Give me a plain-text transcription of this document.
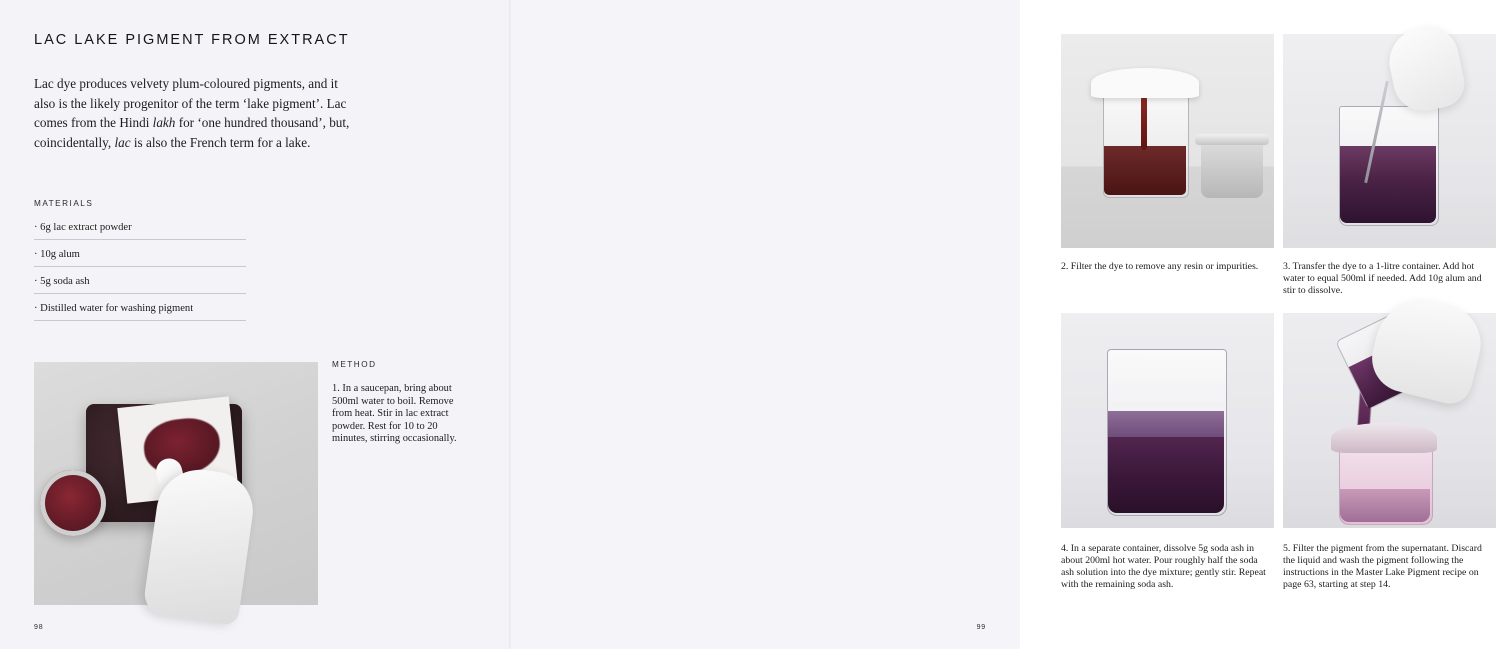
LAC LAKE PIGMENT FROM EXTRACT
Lac dye produces velvety plum-coloured pigments, and it also is the likely progenitor of the term ‘lake pigment’. Lac comes from the Hindi lakh for ‘one hundred thousand’, but, coincidentally, lac is also the French term for a lake.
MATERIALS
· 6g lac extract powder
· 10g alum
· 5g soda ash
· Distilled water for washing pigment
METHOD
1. In a saucepan, bring about 500ml water to boil. Remove from heat. Stir in lac extract powder. Rest for 10 to 20 minutes, stirring occasionally.
98
2. Filter the dye to remove any resin or impurities.	3. Transfer the dye to a 1-litre container. Add hot water to equal 500ml if needed. Add 10g alum and stir to dissolve.
4. In a separate container, dissolve 5g soda ash in about 200ml hot water. Pour roughly half the soda ash solution into the dye mixture; gently stir. Repeat with the remaining soda ash.
5. Filter the pigment from the supernatant. Discard the liquid and wash the pigment following the instructions in the Master Lake Pigment recipe on page 63, starting at step 14.
99
